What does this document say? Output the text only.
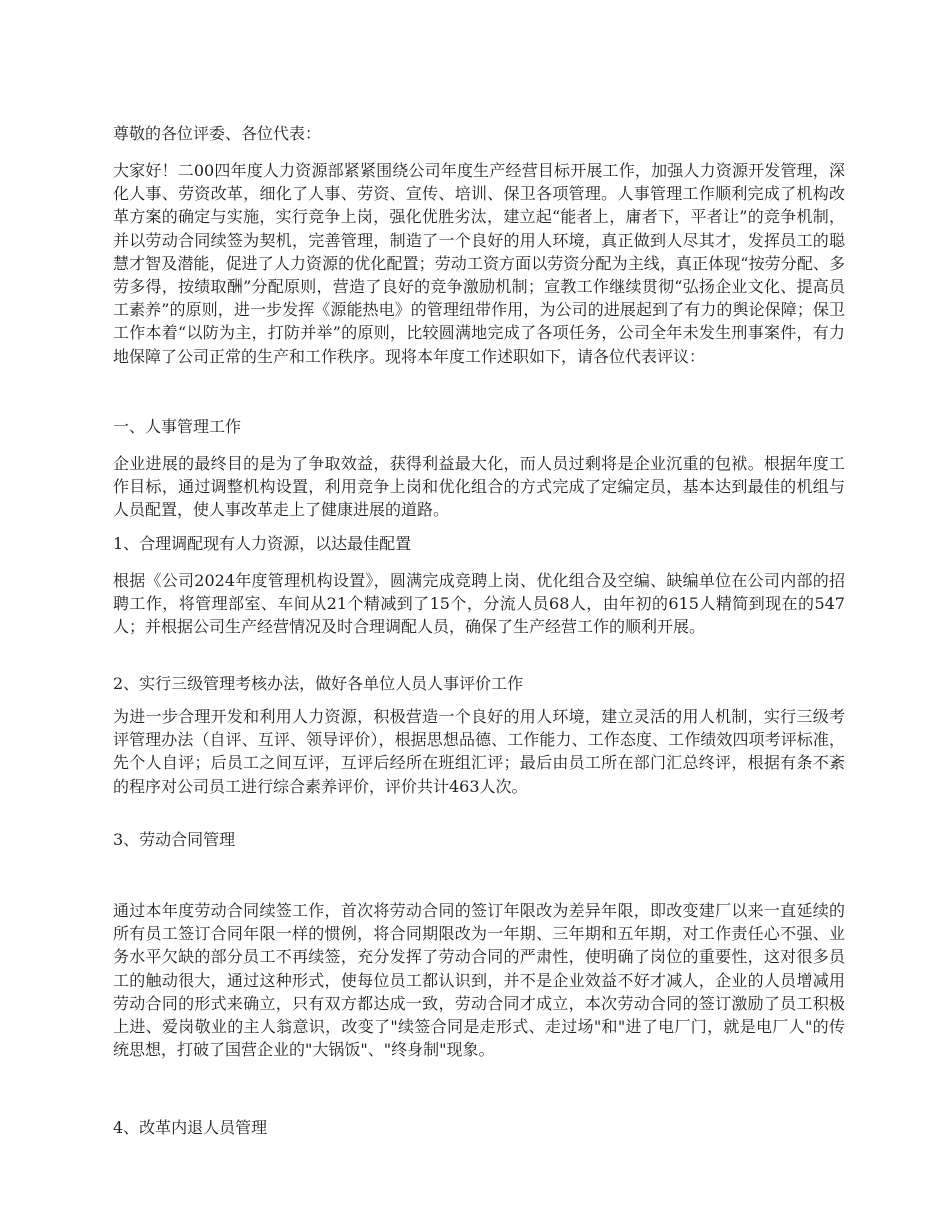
尊敬的各位评委、各位代表：

大家好！二00四年度人力资源部紧紧围绕公司年度生产经营目标开展工作，加强人力资源开发管理，深化人事、劳资改革，细化了人事、劳资、宣传、培训、保卫各项管理。人事管理工作顺利完成了机构改革方案的确定与实施，实行竞争上岗，强化优胜劣汰，建立起“能者上，庸者下，平者让”的竞争机制，并以劳动合同续签为契机，完善管理，制造了一个良好的用人环境，真正做到人尽其才，发挥员工的聪慧才智及潜能，促进了人力资源的优化配置；劳动工资方面以劳资分配为主线，真正体现“按劳分配、多劳多得，按绩取酬”分配原则，营造了良好的竞争激励机制；宣教工作继续贯彻“弘扬企业文化、提高员工素养”的原则，进一步发挥《源能热电》的管理纽带作用，为公司的进展起到了有力的舆论保障；保卫工作本着“以防为主，打防并举”的原则，比较圆满地完成了各项任务，公司全年未发生刑事案件，有力地保障了公司正常的生产和工作秩序。现将本年度工作述职如下，请各位代表评议：

一、人事管理工作

企业进展的最终目的是为了争取效益，获得利益最大化，而人员过剩将是企业沉重的包袱。根据年度工作目标，通过调整机构设置，利用竞争上岗和优化组合的方式完成了定编定员，基本达到最佳的机组与人员配置，使人事改革走上了健康进展的道路。

1、合理调配现有人力资源，以达最佳配置

根据《公司2024年度管理机构设置》，圆满完成竞聘上岗、优化组合及空编、缺编单位在公司内部的招聘工作，将管理部室、车间从21个精减到了15个，分流人员68人，由年初的615人精简到现在的547人；并根据公司生产经营情况及时合理调配人员，确保了生产经营工作的顺利开展。

2、实行三级管理考核办法，做好各单位人员人事评价工作

为进一步合理开发和利用人力资源，积极营造一个良好的用人环境，建立灵活的用人机制，实行三级考评管理办法（自评、互评、领导评价），根据思想品德、工作能力、工作态度、工作绩效四项考评标准，先个人自评；后员工之间互评，互评后经所在班组汇评；最后由员工所在部门汇总终评，根据有条不紊的程序对公司员工进行综合素养评价，评价共计463人次。

3、劳动合同管理

通过本年度劳动合同续签工作，首次将劳动合同的签订年限改为差异年限，即改变建厂以来一直延续的所有员工签订合同年限一样的惯例，将合同期限改为一年期、三年期和五年期，对工作责任心不强、业务水平欠缺的部分员工不再续签，充分发挥了劳动合同的严肃性，使明确了岗位的重要性，这对很多员工的触动很大，通过这种形式，使每位员工都认识到，并不是企业效益不好才减人，企业的人员增减用劳动合同的形式来确立，只有双方都达成一致，劳动合同才成立，本次劳动合同的签订激励了员工积极上进、爱岗敬业的主人翁意识，改变了"续签合同是走形式、走过场"和"进了电厂门，就是电厂人"的传统思想，打破了国营企业的"大锅饭"、"终身制"现象。

4、改革内退人员管理
